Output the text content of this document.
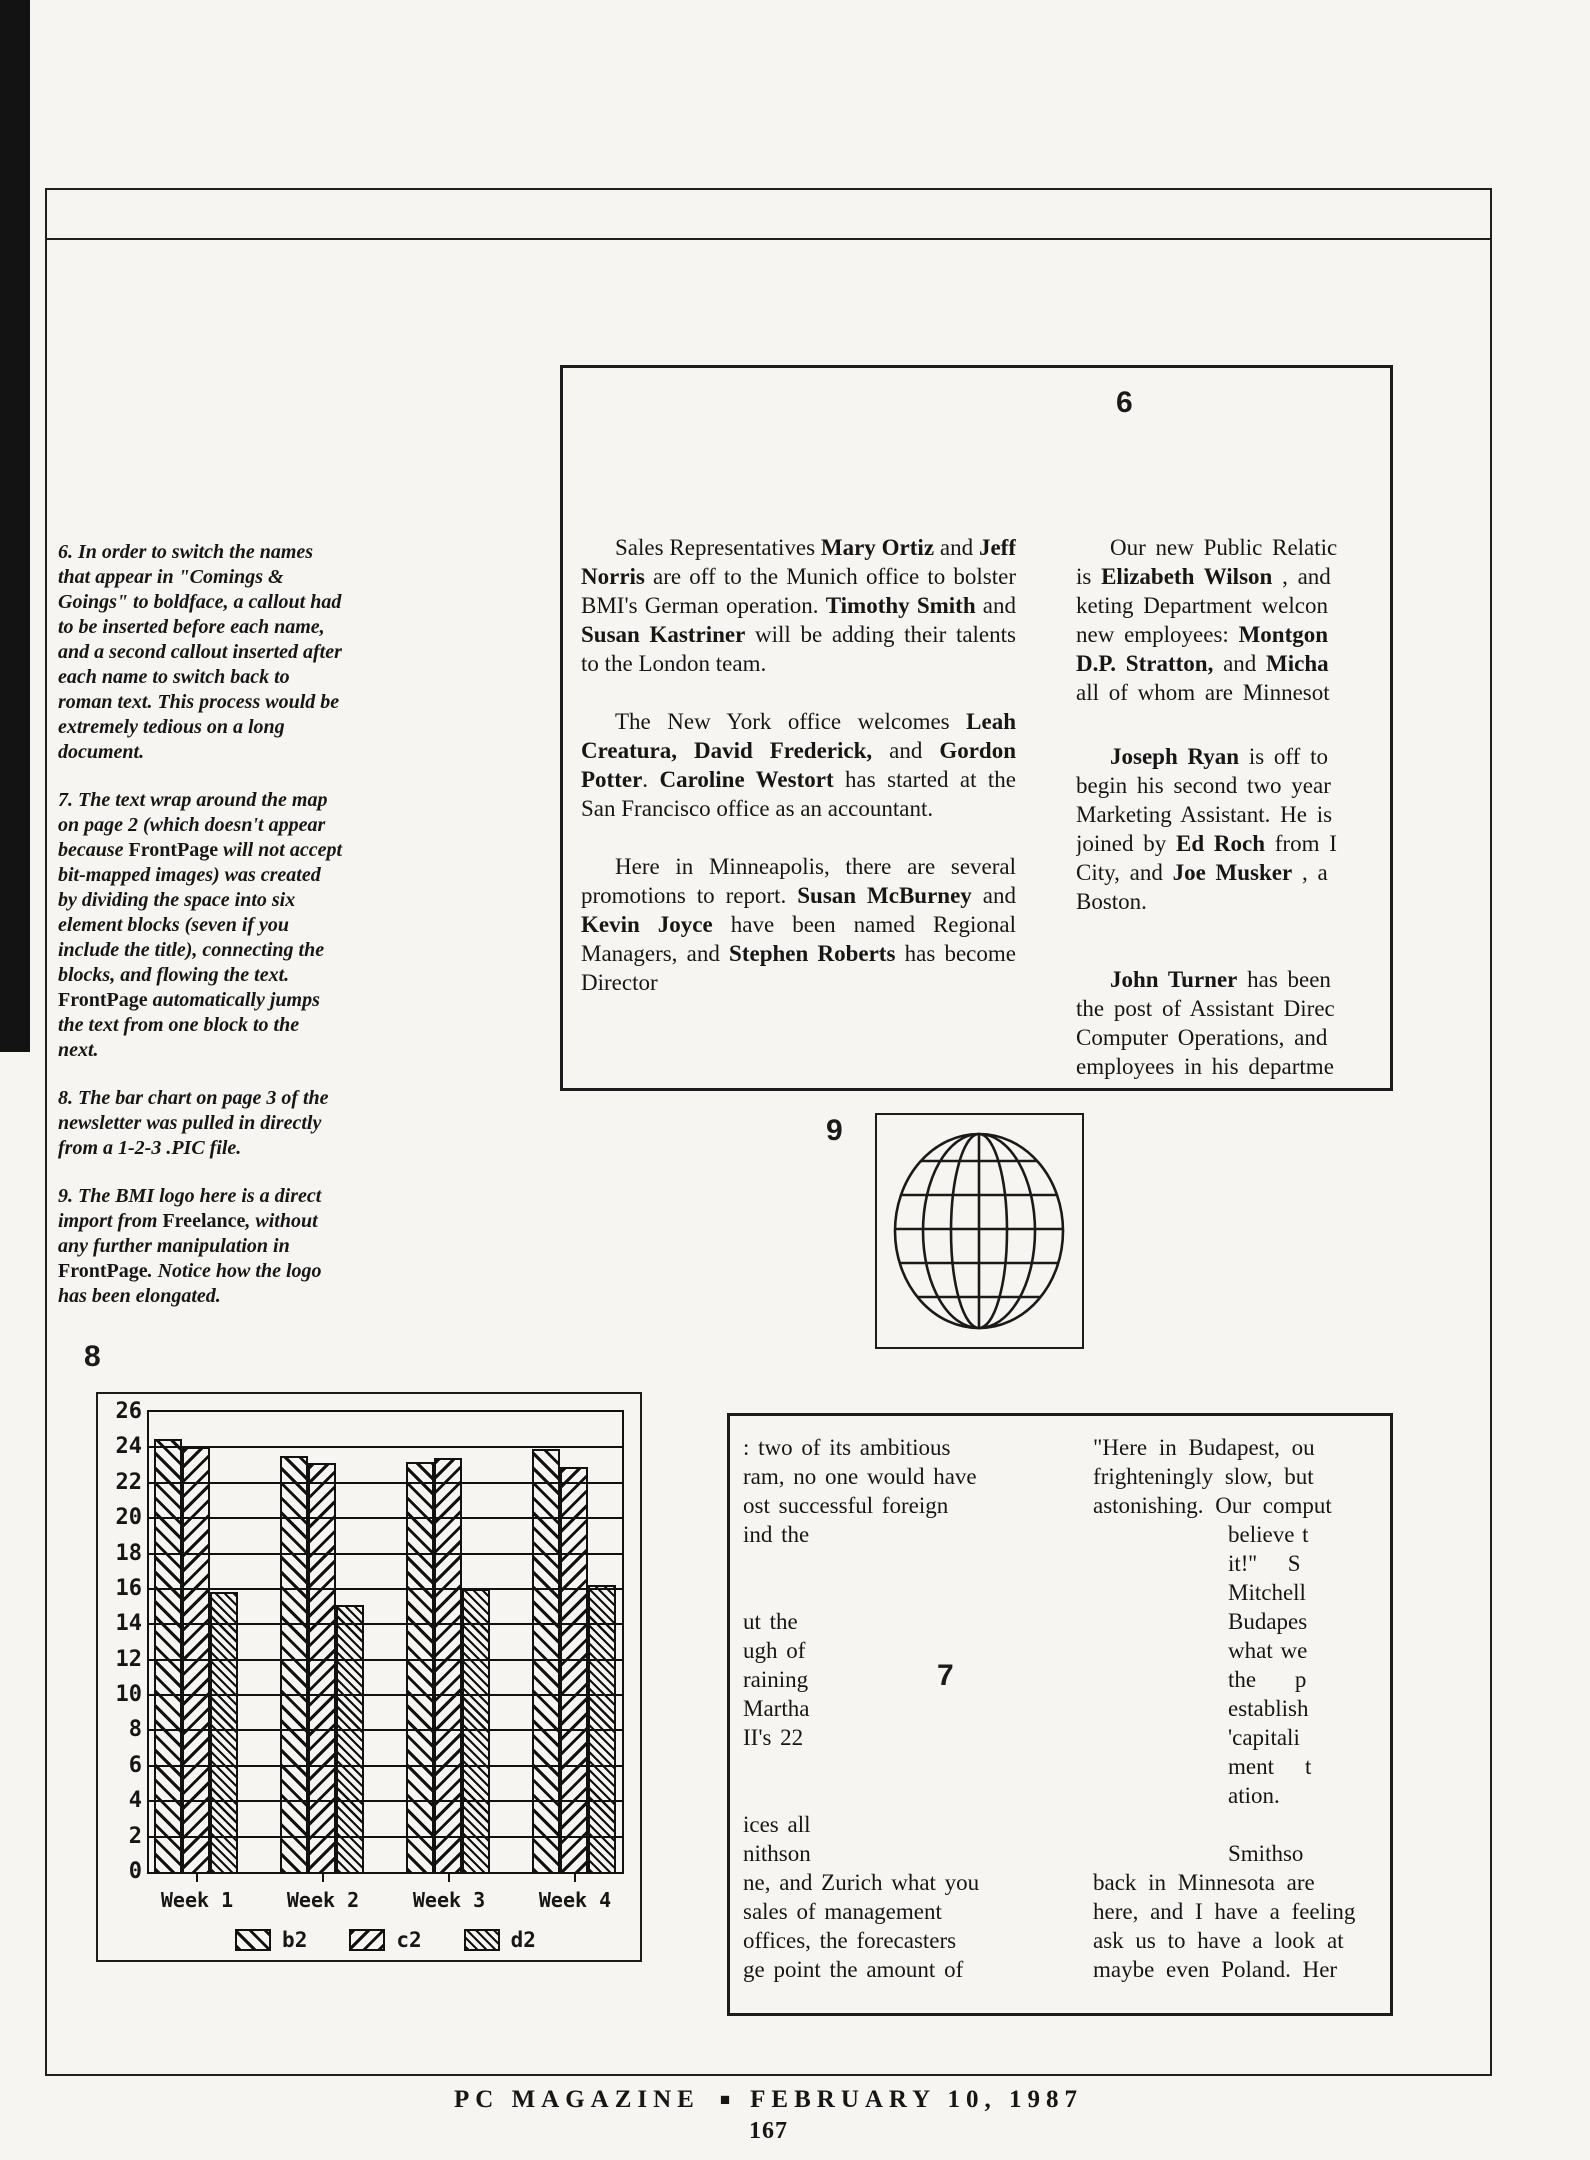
6. In order to switch the names that appear in "Comings & Goings" to boldface, a callout had to be inserted before each name, and a second callout inserted after each name to switch back to roman text. This process would be extremely tedious on a long document.
7. The text wrap around the map on page 2 (which doesn't appear because FrontPage will not accept bit-mapped images) was created by dividing the space into six element blocks (seven if you include the title), connecting the blocks, and flowing the text. FrontPage automatically jumps the text from one block to the next.
8. The bar chart on page 3 of the newsletter was pulled in directly from a 1-2-3 .PIC file.
9. The BMI logo here is a direct import from Freelance, without any further manipulation in FrontPage. Notice how the logo has been elongated.
6
Sales Representatives Mary Ortiz and Jeff Norris are off to the Munich office to bolster BMI's German operation. Timothy Smith and Susan Kastriner will be adding their talents to the London team.
The New York office welcomes Leah Creatura, David Frederick, and Gordon Potter. Caroline Westort has started at the San Francisco office as an accountant.
Here in Minneapolis, there are several promotions to report. Susan McBurney and Kevin Joyce have been named Regional Managers, and Stephen Roberts has become Director
Our new Public Relatic
is Elizabeth Wilson , and
keting Department welcon
new employees: Montgon
D.P. Stratton, and Micha
all of whom are Minnesot
Joseph Ryan is off to
begin his second two year
Marketing Assistant. He is
joined by Ed Roch from I
City, and Joe Musker , a
Boston.
John Turner has been
the post of Assistant Direc
Computer Operations, and
employees in his departme
9
8
b2	c2	d2
26
24
22
20
18
16
14
12
10
8
6
4
2
0
Week 1	Week 2	Week 3	Week 4
7
: two of its ambitious
ram, no one would have
ost successful foreign
ind the
ut the
ugh of
raining
Martha
II's 22
ices all
nithson
ne, and Zurich what you
sales of management
offices, the forecasters
ge point the amount of
"Here in Budapest, ou
frighteningly slow, but
astonishing. Our comput
believe t
it!''    S
Mitchell
Budapes
what we
the     p
establish
'capitali
ment    t
ation.
Smithso
back in Minnesota are
here, and I have a feeling
ask us to have a look at
maybe even Poland. Her
PC MAGAZINE ■ FEBRUARY 10, 1987
167
